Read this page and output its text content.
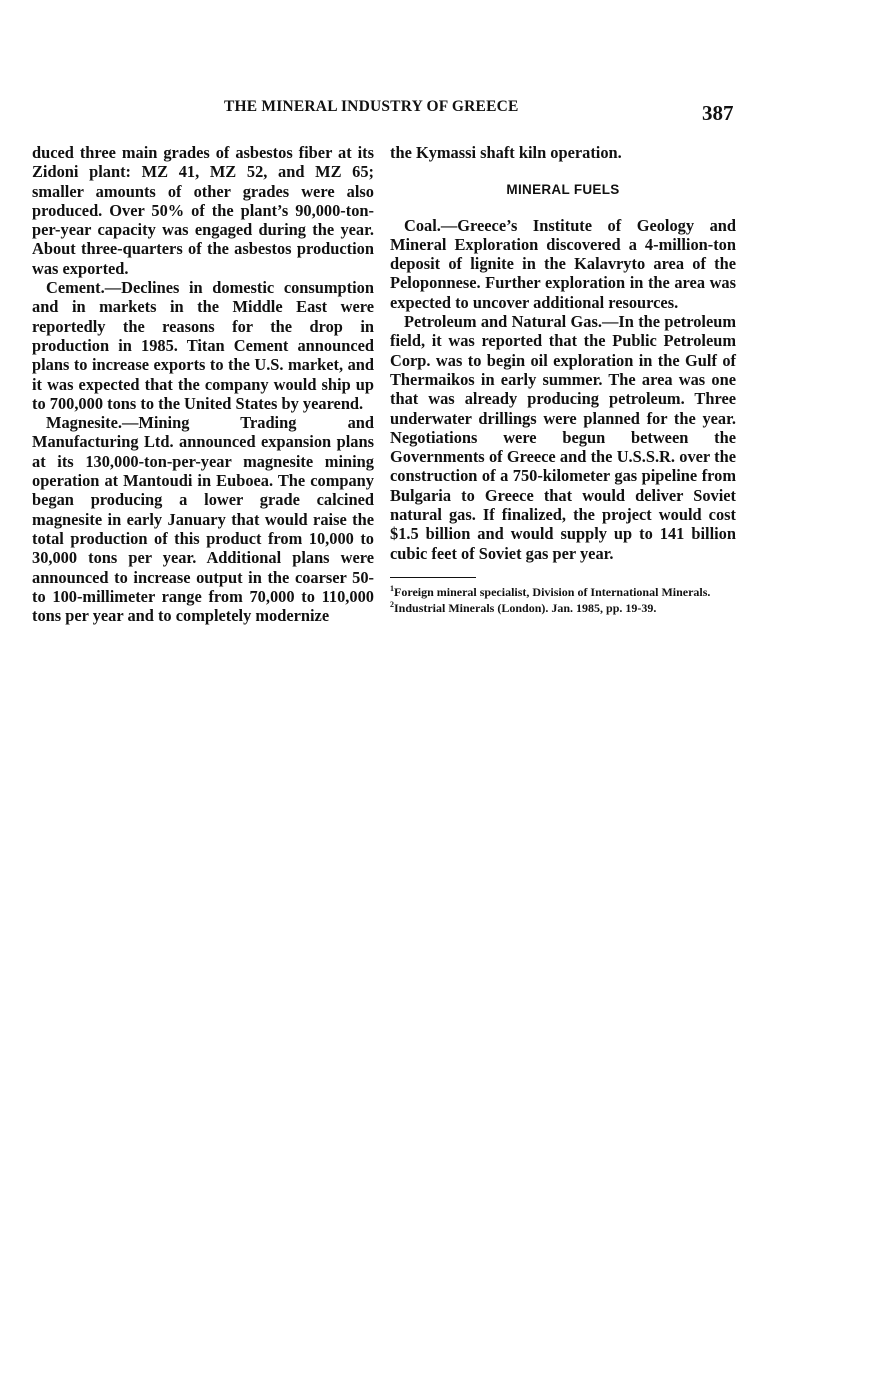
THE MINERAL INDUSTRY OF GREECE	387

duced three main grades of asbestos fiber at its Zidoni plant: MZ 41, MZ 52, and MZ 65; smaller amounts of other grades were also produced. Over 50% of the plant’s 90,000-ton-per-year capacity was engaged during the year. About three-quarters of the asbestos production was exported.

Cement.—Declines in domestic consumption and in markets in the Middle East were reportedly the reasons for the drop in production in 1985. Titan Cement announced plans to increase exports to the U.S. market, and it was expected that the company would ship up to 700,000 tons to the United States by yearend.

Magnesite.—Mining Trading and Manufacturing Ltd. announced expansion plans at its 130,000-ton-per-year magnesite mining operation at Mantoudi in Euboea. The company began producing a lower grade calcined magnesite in early January that would raise the total production of this product from 10,000 to 30,000 tons per year. Additional plans were announced to increase output in the coarser 50- to 100-millimeter range from 70,000 to 110,000 tons per year and to completely modernize

the Kymassi shaft kiln operation.

MINERAL FUELS

Coal.—Greece’s Institute of Geology and Mineral Exploration discovered a 4-million-ton deposit of lignite in the Kalavryto area of the Peloponnese. Further exploration in the area was expected to uncover additional resources.

Petroleum and Natural Gas.—In the petroleum field, it was reported that the Public Petroleum Corp. was to begin oil exploration in the Gulf of Thermaikos in early summer. The area was one that was already producing petroleum. Three underwater drillings were planned for the year. Negotiations were begun between the Governments of Greece and the U.S.S.R. over the construction of a 750-kilometer gas pipeline from Bulgaria to Greece that would deliver Soviet natural gas. If finalized, the project would cost $1.5 billion and would supply up to 141 billion cubic feet of Soviet gas per year.

$^1$Foreign mineral specialist, Division of International Minerals.

$^2$Industrial Minerals (London). Jan. 1985, pp. 19-39.
